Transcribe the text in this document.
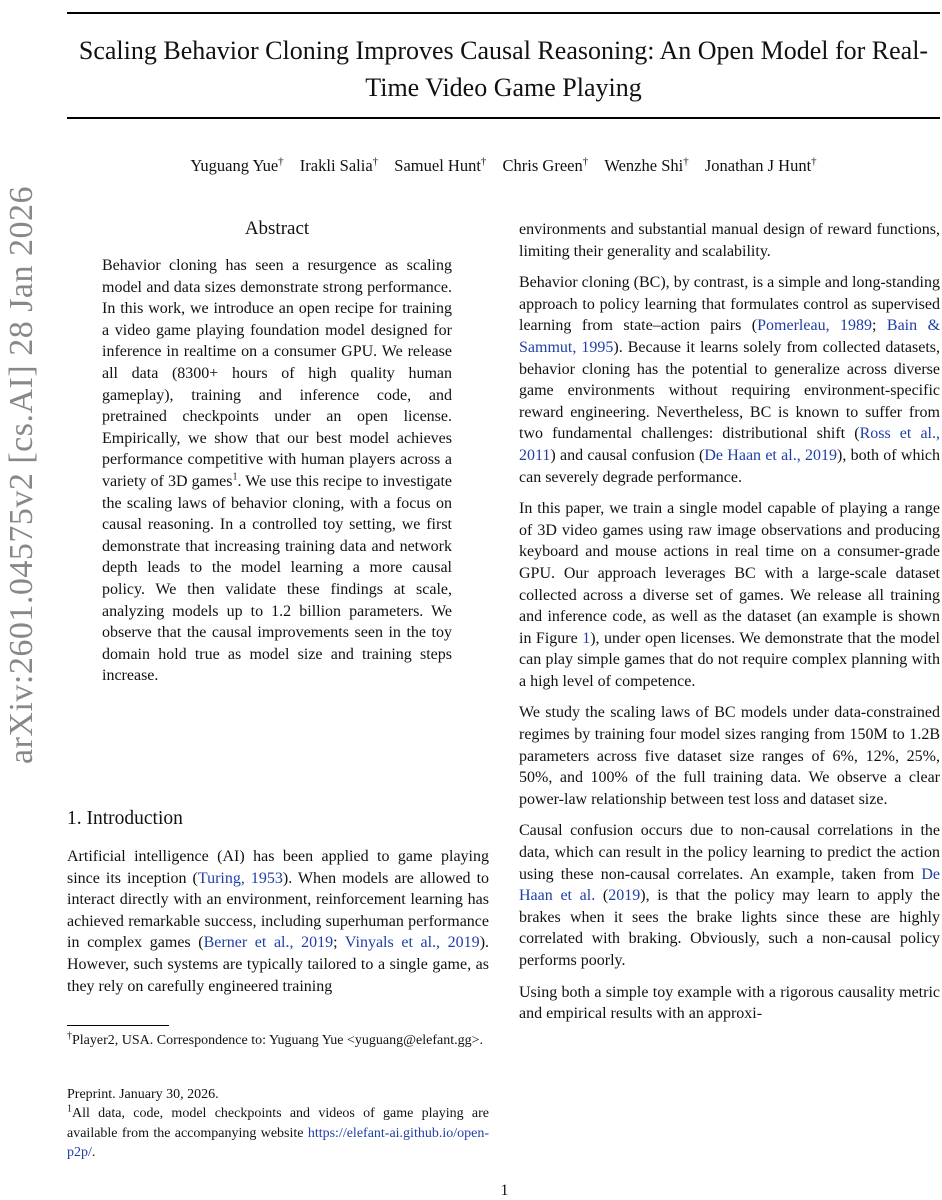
arXiv:2601.04575v2 [cs.AI] 28 Jan 2026
Scaling Behavior Cloning Improves Causal Reasoning: An Open Model for Real-Time Video Game Playing
Yuguang Yue† Irakli Salia† Samuel Hunt† Chris Green† Wenzhe Shi† Jonathan J Hunt†
Abstract
Behavior cloning has seen a resurgence as scaling model and data sizes demonstrate strong performance. In this work, we introduce an open recipe for training a video game playing foundation model designed for inference in realtime on a consumer GPU. We release all data (8300+ hours of high quality human gameplay), training and inference code, and pretrained checkpoints under an open license. Empirically, we show that our best model achieves performance competitive with human players across a variety of 3D games$^1$. We use this recipe to investigate the scaling laws of behavior cloning, with a focus on causal reasoning. In a controlled toy setting, we first demonstrate that increasing training data and network depth leads to the model learning a more causal policy. We then validate these findings at scale, analyzing models up to 1.2 billion parameters. We observe that the causal improvements seen in the toy domain hold true as model size and training steps increase.
1. Introduction

Artificial intelligence (AI) has been applied to game playing since its inception (Turing, 1953). When models are allowed to interact directly with an environment, reinforcement learning has achieved remarkable success, including superhuman performance in complex games (Berner et al., 2019; Vinyals et al., 2019). However, such systems are typically tailored to a single game, as they rely on carefully engineered training

environments and substantial manual design of reward functions, limiting their generality and scalability.

Behavior cloning (BC), by contrast, is a simple and long-standing approach to policy learning that formulates control as supervised learning from state–action pairs (Pomerleau, 1989; Bain & Sammut, 1995). Because it learns solely from collected datasets, behavior cloning has the potential to generalize across diverse game environments without requiring environment-specific reward engineering. Nevertheless, BC is known to suffer from two fundamental challenges: distributional shift (Ross et al., 2011) and causal confusion (De Haan et al., 2019), both of which can severely degrade performance.

In this paper, we train a single model capable of playing a range of 3D video games using raw image observations and producing keyboard and mouse actions in real time on a consumer-grade GPU. Our approach leverages BC with a large-scale dataset collected across a diverse set of games. We release all training and inference code, as well as the dataset (an example is shown in Figure 1), under open licenses. We demonstrate that the model can play simple games that do not require complex planning with a high level of competence.

We study the scaling laws of BC models under data-constrained regimes by training four model sizes ranging from 150M to 1.2B parameters across five dataset size ranges of 6%, 12%, 25%, 50%, and 100% of the full training data. We observe a clear power-law relationship between test loss and dataset size.

Causal confusion occurs due to non-causal correlations in the data, which can result in the policy learning to predict the action using these non-causal correlates. An example, taken from De Haan et al. (2019), is that the policy may learn to apply the brakes when it sees the brake lights since these are highly correlated with braking. Obviously, such a non-causal policy performs poorly.

Using both a simple toy example with a rigorous causality metric and empirical results with an approxi-

†Player2, USA. Correspondence to: Yuguang Yue <yuguang@elefant.gg>.
Preprint. January 30, 2026.
$^1$All data, code, model checkpoints and videos of game playing are available from the accompanying website https://elefant-ai.github.io/open-p2p/.
1
